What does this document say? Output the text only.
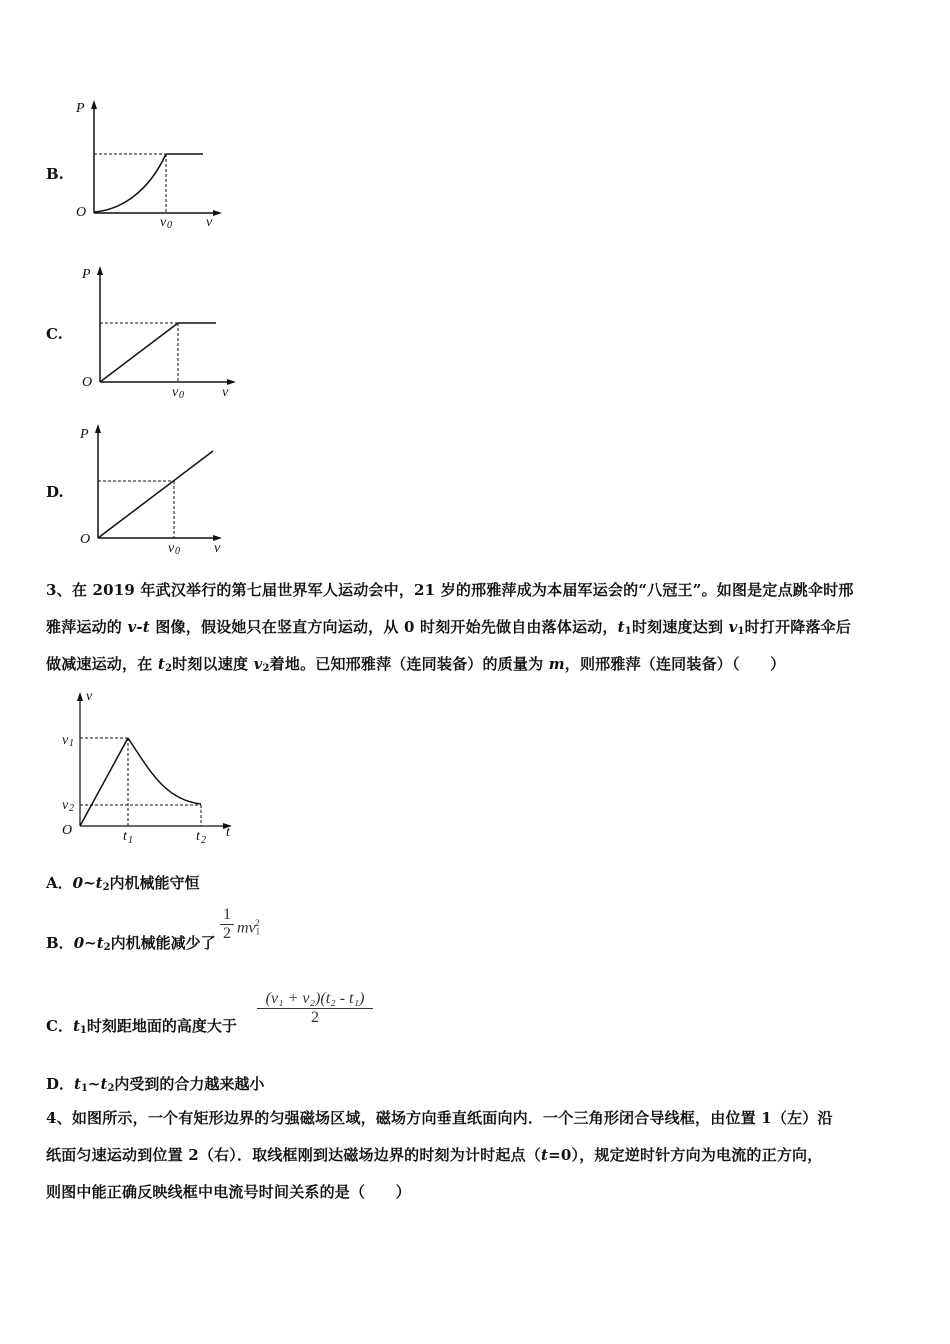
B.
P
O
v 0 v
C.
P
O
v 0	v
D.
P
O
v 0 v
3、在 2019 年武汉举行的第七届世界军人运动会中，21 岁的邢雅萍成为本届军运会的“八冠王”。如图是定点跳伞时邢
雅萍运动的 v-t 图像，假设她只在竖直方向运动，从 0 时刻开始先做自由落体运动，$t_1$时刻速度达到 $v_1$时打开降落伞后
做减速运动，在 $t_2$时刻以速度 $v_2$着地。已知邢雅萍（连同装备）的质量为 m，则邢雅萍（连同装备）（　　）
v
v 1
v 2
O	t 1	t 2
t
A．$0\sim t_2$内机械能守恒
B．$0\sim t_2$内机械能减少了
1
2 $mv_1^2$
C．$t_1$时刻距地面的高度大于
(v₁ + v₂)(t₂ - t₁)
2
D．$t_1\sim t_2$内受到的合力越来越小
4、如图所示，一个有矩形边界的匀强磁场区域，磁场方向垂直纸面向内．一个三角形闭合导线框，由位置 1（左）沿
纸面匀速运动到位置 2（右）．取线框刚到达磁场边界的时刻为计时起点（t=0），规定逆时针方向为电流的正方向，
则图中能正确反映线框中电流号时间关系的是（　　）
